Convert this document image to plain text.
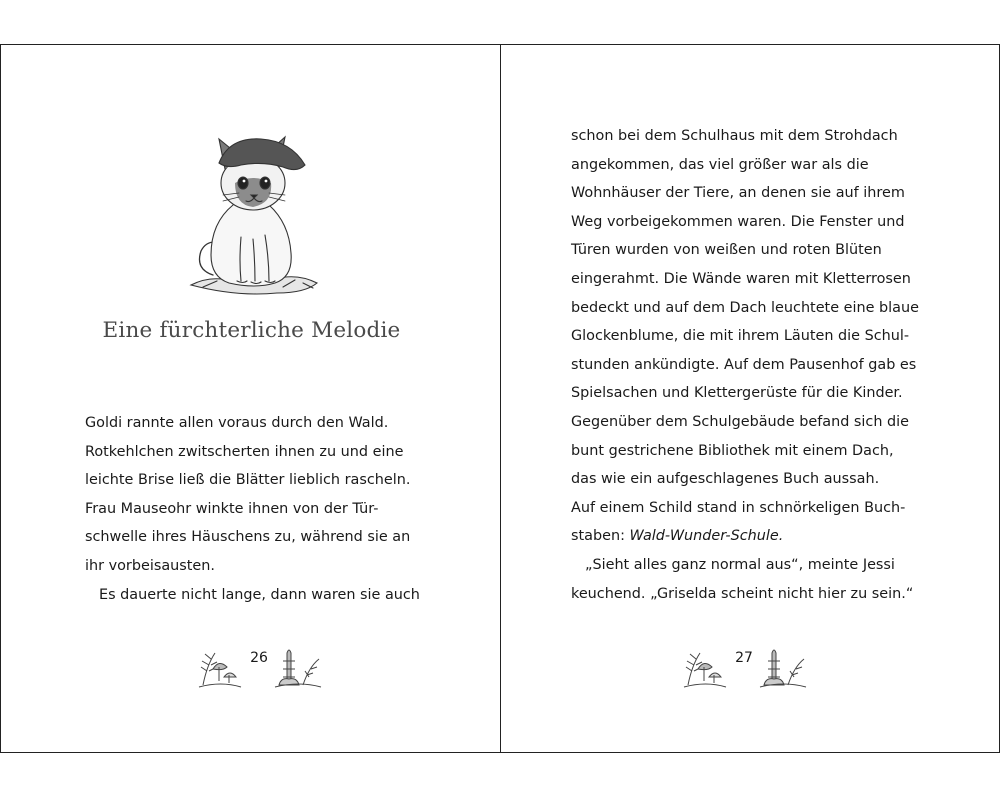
Eine fürchterliche Melodie
Goldi rannte allen voraus durch den Wald.
Rotkehlchen zwitscherten ihnen zu und eine
leichte Brise ließ die Blätter lieblich rascheln.
Frau Mauseohr winkte ihnen von der Tür-
schwelle ihres Häuschens zu, während sie an
ihr vorbeisausten.
Es dauerte nicht lange, dann waren sie auch
26
schon bei dem Schulhaus mit dem Strohdach
angekommen, das viel größer war als die
Wohnhäuser der Tiere, an denen sie auf ihrem
Weg vorbeigekommen waren. Die Fenster und
Türen wurden von weißen und roten Blüten
eingerahmt. Die Wände waren mit Kletterrosen
bedeckt und auf dem Dach leuchtete eine blaue
Glockenblume, die mit ihrem Läuten die Schul-
stunden ankündigte. Auf dem Pausenhof gab es
Spielsachen und Klettergerüste für die Kinder.
Gegenüber dem Schulgebäude befand sich die
bunt gestrichene Bibliothek mit einem Dach,
das wie ein aufgeschlagenes Buch aussah.
Auf einem Schild stand in schnörkeligen Buch-
staben: Wald-Wunder-Schule.
„Sieht alles ganz normal aus“, meinte Jessi
keuchend. „Griselda scheint nicht hier zu sein.“
27
